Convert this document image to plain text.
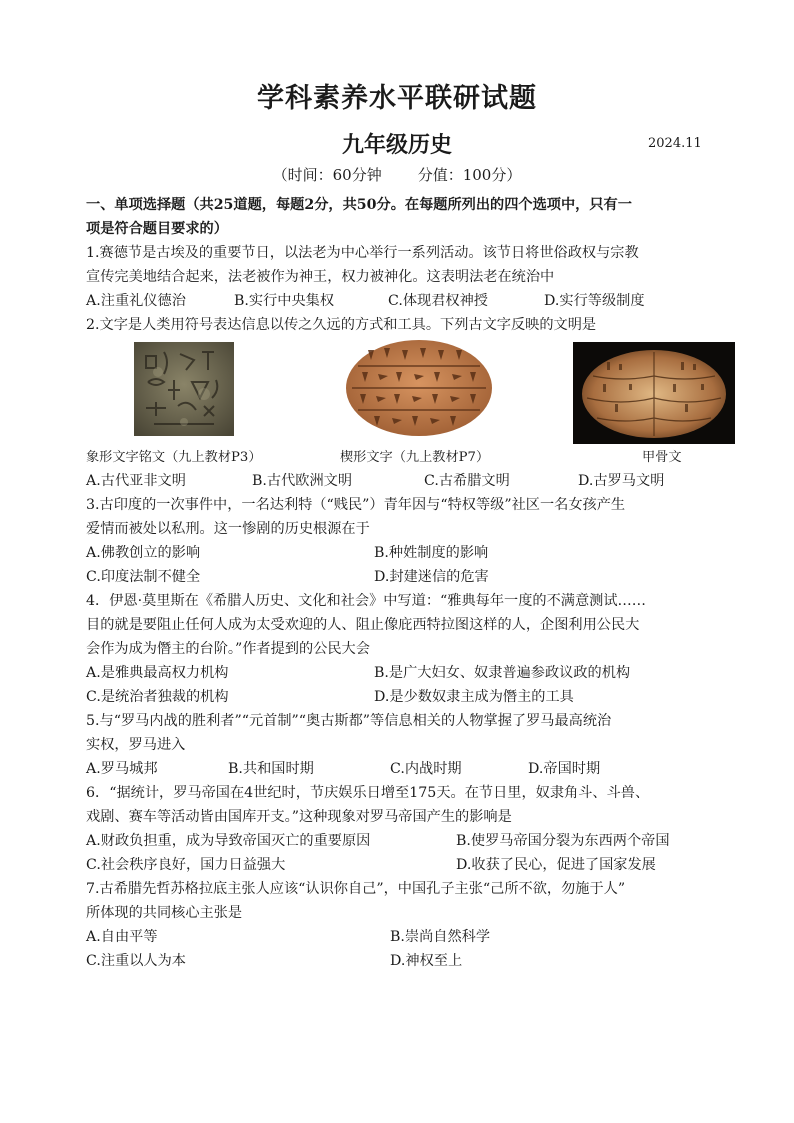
学科素养水平联研试题
九年级历史	2024.11
（时间：60分钟 分值：100分）
一、单项选择题（共25道题，每题2分，共50分。在每题所列出的四个选项中，只有一
项是符合题目要求的）
1.赛德节是古埃及的重要节日，以法老为中心举行一系列活动。该节日将世俗政权与宗教
宣传完美地结合起来，法老被作为神王，权力被神化。这表明法老在统治中
A.注重礼仪德治	B.实行中央集权	C.体现君权神授	D.实行等级制度
2.文字是人类用符号表达信息以传之久远的方式和工具。下列古文字反映的文明是
象形文字铭文（九上教材P3）	楔形文字（九上教材P7）	甲骨文
A.古代亚非文明	B.古代欧洲文明	C.古希腊文明	D.古罗马文明
3.古印度的一次事件中，一名达利特（“贱民”）青年因与“特权等级”社区一名女孩产生
爱情而被处以私刑。这一惨剧的历史根源在于
A.佛教创立的影响	B.种姓制度的影响
C.印度法制不健全	D.封建迷信的危害
4．伊恩·莫里斯在《希腊人历史、文化和社会》中写道：“雅典每年一度的不满意测试……
目的就是要阻止任何人成为太受欢迎的人、阻止像庇西特拉图这样的人，企图利用公民大
会作为成为僭主的台阶。”作者提到的公民大会
A.是雅典最高权力机构	B.是广大妇女、奴隶普遍参政议政的机构
C.是统治者独裁的机构	D.是少数奴隶主成为僭主的工具
5.与“罗马内战的胜利者”“元首制”“奥古斯都”等信息相关的人物掌握了罗马最高统治
实权，罗马进入
A.罗马城邦	B.共和国时期	C.内战时期	D.帝国时期
6．“据统计，罗马帝国在4世纪时，节庆娱乐日增至175天。在节日里，奴隶角斗、斗兽、
戏剧、赛车等活动皆由国库开支。”这种现象对罗马帝国产生的影响是
A.财政负担重，成为导致帝国灭亡的重要原因	B.使罗马帝国分裂为东西两个帝国
C.社会秩序良好，国力日益强大	D.收获了民心，促进了国家发展
7.古希腊先哲苏格拉底主张人应该“认识你自己”，中国孔子主张“己所不欲，勿施于人”
所体现的共同核心主张是
A.自由平等	B.崇尚自然科学
C.注重以人为本	D.神权至上
